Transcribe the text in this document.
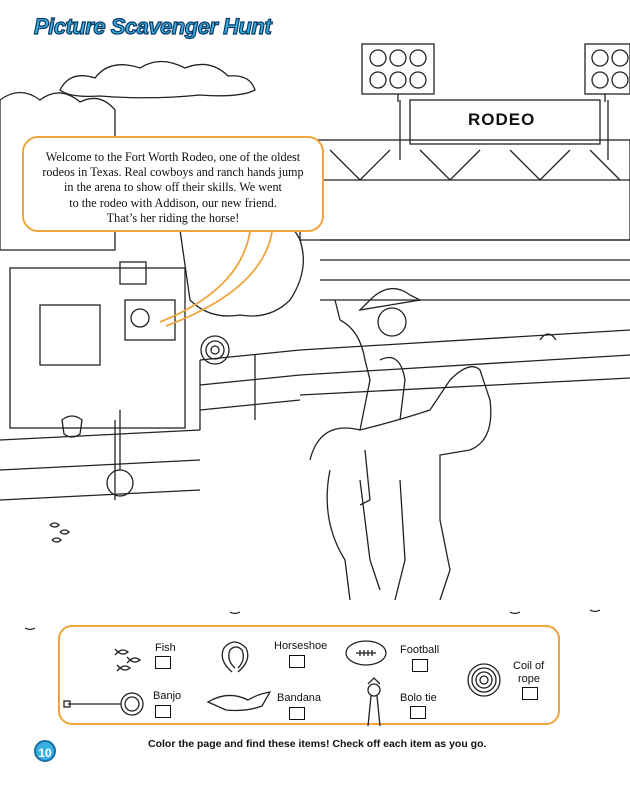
Picture Scavenger Hunt
RODEO
Welcome to the Fort Worth Rodeo, one of the oldest
rodeos in Texas. Real cowboys and ranch hands jump
in the arena to show off their skills. We went
to the rodeo with Addison, our new friend.
That’s her riding the horse!
Fish	Horseshoe	Football
Coil of
rope
Banjo	Bandana	Bolo tie
10
Color the page and find these items! Check off each item as you go.
